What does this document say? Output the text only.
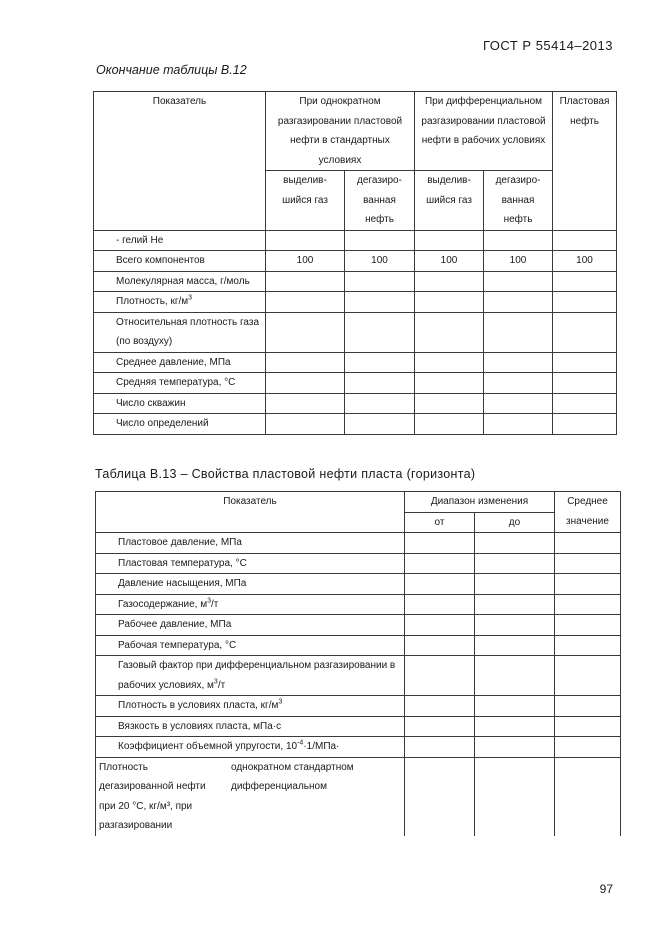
ГОСТ Р 55414–2013
Окончание таблицы В.12
Показатель	При однократном разгазировании пластовой нефти в стандартных условиях		При дифференциальном разгазировании пластовой нефти в рабочих условиях		Пластовая нефть
	выделив-шийся газ	дегазиро-ванная нефть	выделив-шийся газ	дегазиро-ванная нефть	
- гелий Не					
Всего компонентов	100	100	100	100	100
Молекулярная масса, г/моль					
Плотность, $кг/м^3$					
Относительная плотность газа (по воздуху)					
Среднее давление, МПа					
Средняя температура, °С					
Число скважин					
Число определений					
Таблица В.13 – Свойства пластовой нефти пласта (горизонта)
Показатель	Диапазон изменения		Среднее значение
	от	до	
Пластовое давление, МПа			
Пластовая температура, °С			
Давление насыщения, МПа			
Газосодержание, $м^3/т$			
Рабочее давление, МПа			
Рабочая температура, °С			
Газовый фактор при дифференциальном разгазировании в рабочих условиях, $м^3/т$			
Плотность в условиях пласта, $кг/м^3$			
Вязкость в условиях пласта, мПа·с			
Коэффициент объемной упругости, $10^{-4}\cdot 1/МПа\cdot$			

Плотность дегазированной нефти при 20 °С, кг/м³, при разгазировании
однократном стандартном
дифференциальном			

97
